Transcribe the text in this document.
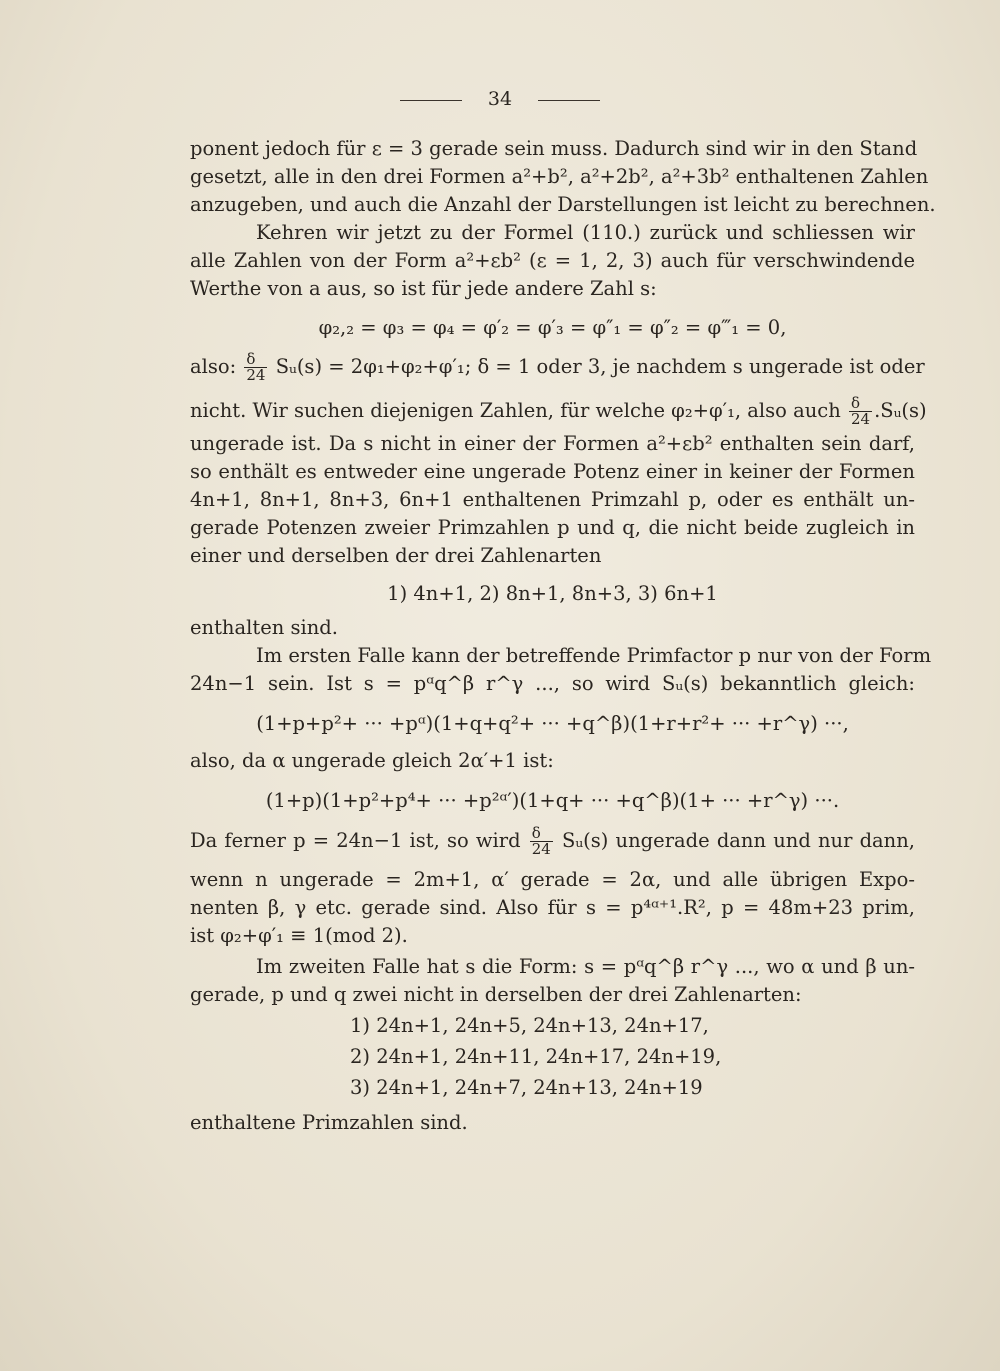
34
ponent jedoch für ε = 3 gerade sein muss. Dadurch sind wir in den Stand
gesetzt, alle in den drei Formen a²+b², a²+2b², a²+3b² enthaltenen Zahlen
anzugeben, und auch die Anzahl der Darstellungen ist leicht zu berechnen.
Kehren wir jetzt zu der Formel (110.) zurück und schliessen wir
alle Zahlen von der Form a²+εb² (ε = 1, 2, 3) auch für verschwindende
Werthe von a aus, so ist für jede andere Zahl s:
φ₂,₂ = φ₃ = φ₄ = φ′₂ = φ′₃ = φ″₁ = φ″₂ = φ‴₁ = 0,
also: $\frac{\delta}{24}$ Sᵤ(s) = 2φ₁+φ₂+φ′₁; δ = 1 oder 3, je nachdem s ungerade ist oder
nicht. Wir suchen diejenigen Zahlen, für welche φ₂+φ′₁, also auch $\frac{\delta}{24}$ .Sᵤ(s)
ungerade ist. Da s nicht in einer der Formen a²+εb² enthalten sein darf,
so enthält es entweder eine ungerade Potenz einer in keiner der Formen
4n+1, 8n+1, 8n+3, 6n+1 enthaltenen Primzahl p, oder es enthält un-
gerade Potenzen zweier Primzahlen p und q, die nicht beide zugleich in
einer und derselben der drei Zahlenarten
1) 4n+1, 2) 8n+1, 8n+3, 3) 6n+1
enthalten sind.
Im ersten Falle kann der betreffende Primfactor p nur von der Form
24n−1 sein. Ist s = pᵅq^β r^γ ..., so wird Sᵤ(s) bekanntlich gleich:
(1+p+p²+ ··· +pᵅ)(1+q+q²+ ··· +q^β)(1+r+r²+ ··· +r^γ) ···,
also, da α ungerade gleich 2α′+1 ist:
(1+p)(1+p²+p⁴+ ··· +p²ᵅ′)(1+q+ ··· +q^β)(1+ ··· +r^γ) ···.
Da ferner p = 24n−1 ist, so wird $\frac{\delta}{24}$ Sᵤ(s) ungerade dann und nur dann,
wenn n ungerade = 2m+1, α′ gerade = 2α, und alle übrigen Expo-
nenten β, γ etc. gerade sind. Also für s = p⁴ᵅ⁺¹.R², p = 48m+23 prim,
ist φ₂+φ′₁ ≡ 1(mod 2).
Im zweiten Falle hat s die Form: s = pᵅq^β r^γ ..., wo α und β un-
gerade, p und q zwei nicht in derselben der drei Zahlenarten:
1) 24n+1, 24n+5, 24n+13, 24n+17,
2) 24n+1, 24n+11, 24n+17, 24n+19,
3) 24n+1, 24n+7, 24n+13, 24n+19
enthaltene Primzahlen sind.
